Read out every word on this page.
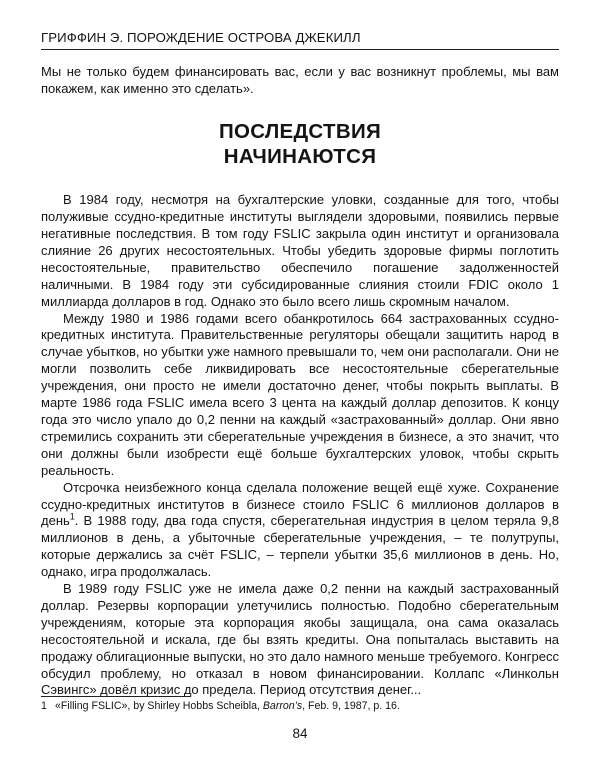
ГРИФФИН Э. ПОРОЖДЕНИЕ ОСТРОВА ДЖЕКИЛЛ
Мы не только будем финансировать вас, если у вас возникнут проблемы, мы вам покажем, как именно это сделать».
ПОСЛЕДСТВИЯ
НАЧИНАЮТСЯ

В 1984 году, несмотря на бухгалтерские уловки, созданные для того, чтобы полуживые ссудно-кредитные институты выглядели здоровыми, появились первые негативные последствия. В том году FSLIC закрыла один институт и организовала слияние 26 других несостоятельных. Чтобы убедить здоровые фирмы поглотить несостоятельные, правительство обеспечило погашение задолженностей наличными. В 1984 году эти субсидированные слияния стоили FDIC около 1 миллиарда долларов в год. Однако это было всего лишь скромным началом.

Между 1980 и 1986 годами всего обанкротилось 664 застрахованных ссудно-кредитных института. Правительственные регуляторы обещали защитить народ в случае убытков, но убытки уже намного превышали то, чем они располагали. Они не могли позволить себе ликвидировать все несостоятельные сберегательные учреждения, они просто не имели достаточно денег, чтобы покрыть выплаты. В марте 1986 года FSLIC имела всего 3 цента на каждый доллар депозитов. К концу года это число упало до 0,2 пенни на каждый «застрахованный» доллар. Они явно стремились сохранить эти сберегательные учреждения в бизнесе, а это значит, что они должны были изобрести ещё больше бухгалтерских уловок, чтобы скрыть реальность.

Отсрочка неизбежного конца сделала положение вещей ещё хуже. Сохранение ссудно-кредитных институтов в бизнесе стоило FSLIC 6 миллионов долларов в день$^1$. В 1988 году, два года спустя, сберегательная индустрия в целом теряла 9,8 миллионов в день, а убыточные сберегательные учреждения, – те полутрупы, которые держались за счёт FSLIC, – терпели убытки 35,6 миллионов в день. Но, однако, игра продолжалась.

В 1989 году FSLIC уже не имела даже 0,2 пенни на каждый застрахованный доллар. Резервы корпорации улетучились полностью. Подобно сберегательным учреждениям, которые эта корпорация якобы защищала, она сама оказалась несостоятельной и искала, где бы взять кредиты. Она попыталась выставить на продажу облигационные выпуски, но это дало намного меньше требуемого. Конгресс обсудил проблему, но отказал в новом финансировании. Коллапс «Линкольн Сэвингс» довёл кризис до предела. Период отсутствия денег...

1 «Filling FSLIC», by Shirley Hobbs Scheibla, Barron’s, Feb. 9, 1987, p. 16.
84
